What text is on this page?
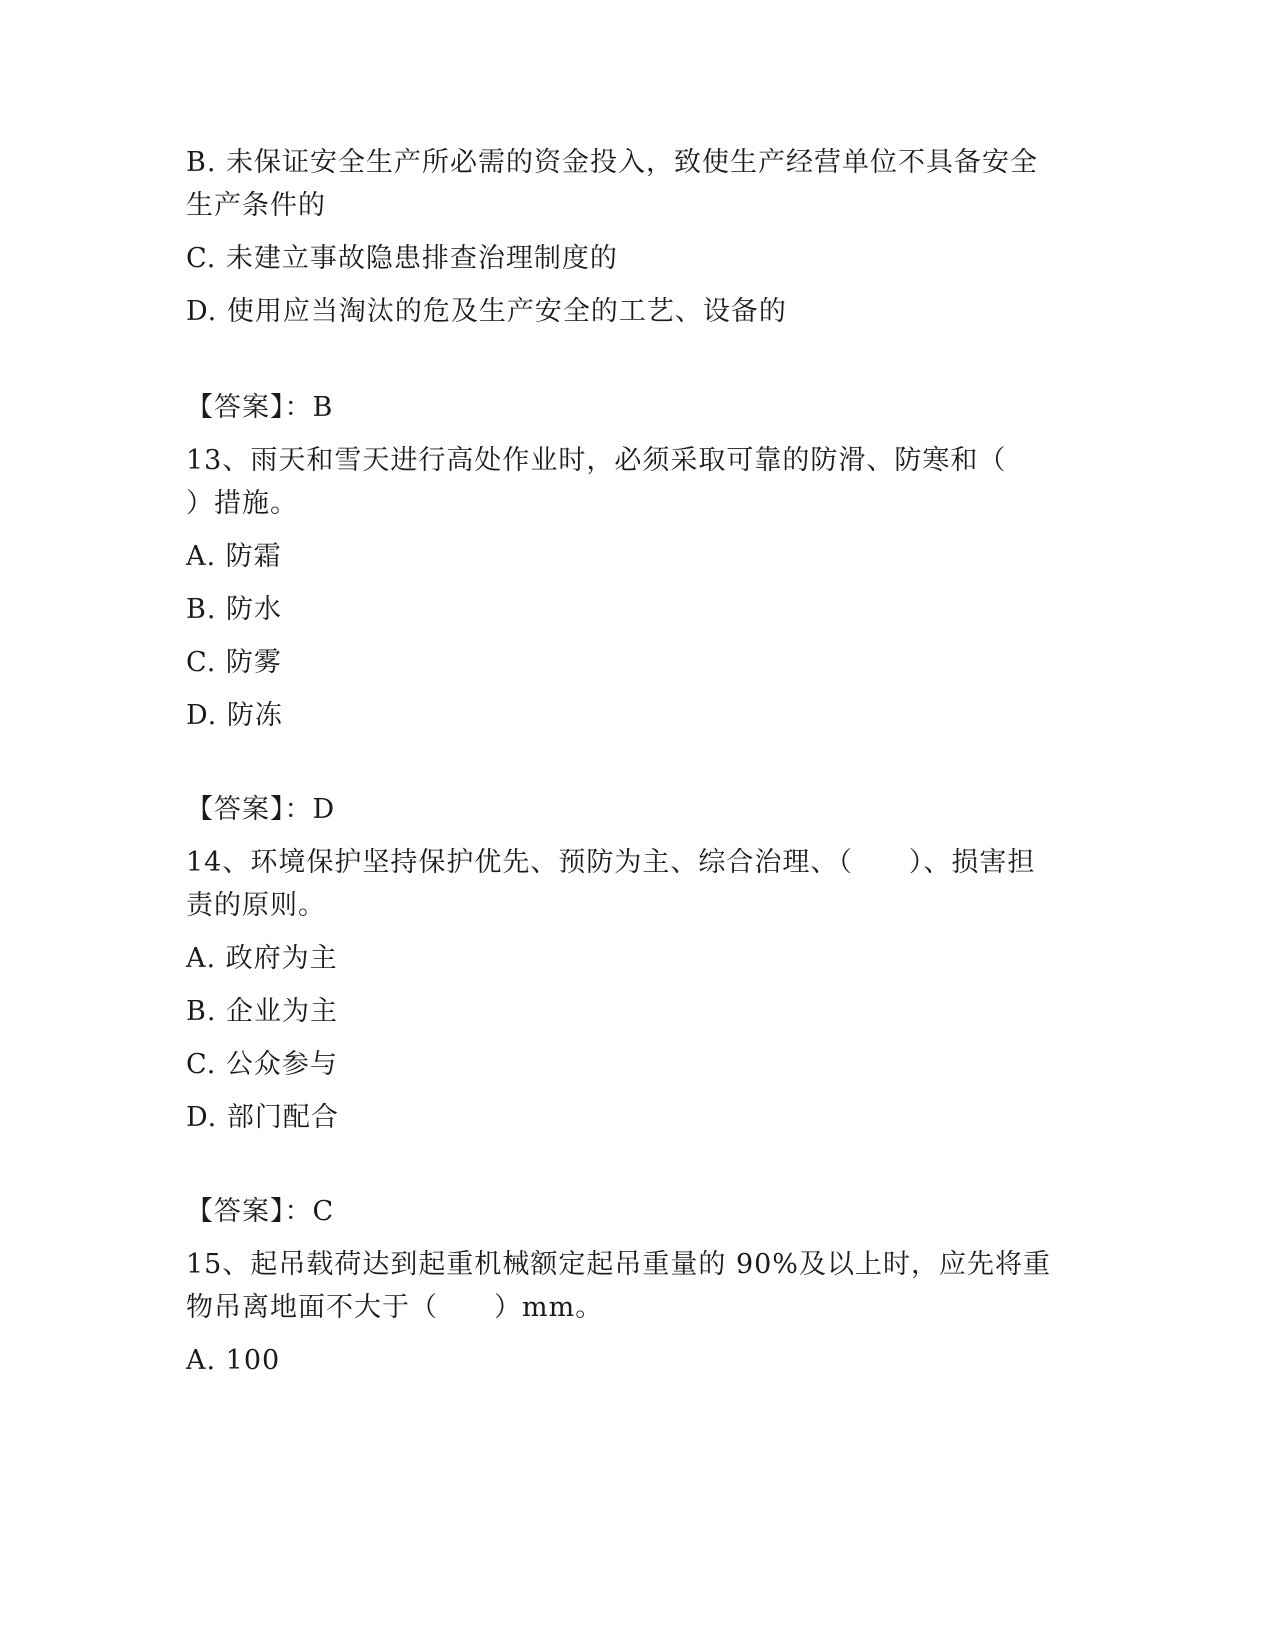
B. 未保证安全生产所必需的资金投入，致使生产经营单位不具备安全
生产条件的
C. 未建立事故隐患排查治理制度的
D. 使用应当淘汰的危及生产安全的工艺、设备的
【答案】：B
13、雨天和雪天进行高处作业时，必须采取可靠的防滑、防寒和（
）措施。
A. 防霜
B. 防水
C. 防雾
D. 防冻
【答案】：D
14、环境保护坚持保护优先、预防为主、综合治理、（　　）、损害担
责的原则。
A. 政府为主
B. 企业为主
C. 公众参与
D. 部门配合
【答案】：C
15、起吊载荷达到起重机械额定起吊重量的 90%及以上时，应先将重
物吊离地面不大于（　　）mm。
A. 100
